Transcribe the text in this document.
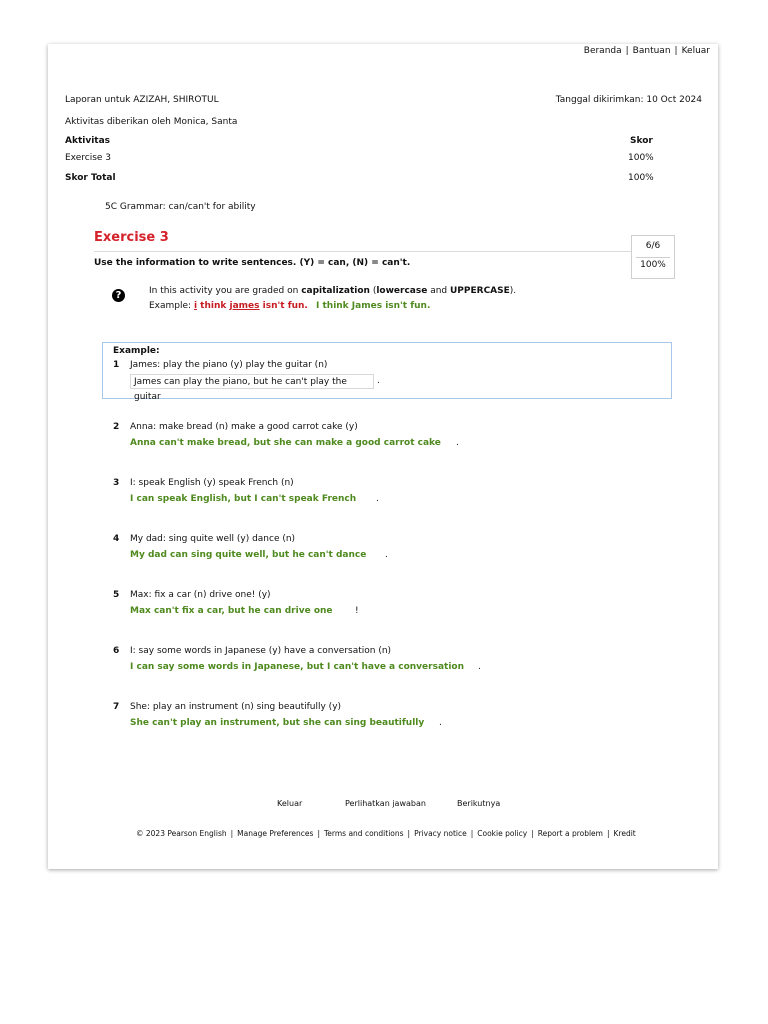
Beranda | Bantuan | Keluar
Laporan untuk AZIZAH, SHIROTUL	Tanggal dikirimkan: 10 Oct 2024
Aktivitas diberikan oleh Monica, Santa
Aktivitas	Skor
Exercise 3	100%
Skor Total	100%
5C Grammar: can/can't for ability
Exercise 3
6/6
100%
Use the information to write sentences. (Y) = can, (N) = can't.
?	In this activity you are graded on capitalization (lowercase and UPPERCASE).
Example: i think james isn't fun. I think James isn't fun.
Example:
1 James: play the piano (y) play the guitar (n)
James can play the piano, but he can't play the guitar
.
2 Anna: make bread (n) make a good carrot cake (y)
Anna can't make bread, but she can make a good carrot cake .
3 I: speak English (y) speak French (n)
I can speak English, but I can't speak French .
4 My dad: sing quite well (y) dance (n)
My dad can sing quite well, but he can't dance .
5 Max: fix a car (n) drive one! (y)
Max can't fix a car, but he can drive one !
6 I: say some words in Japanese (y) have a conversation (n)
I can say some words in Japanese, but I can't have a conversation .
7 She: play an instrument (n) sing beautifully (y)
She can't play an instrument, but she can sing beautifully .
Keluar	Perlihatkan jawaban	Berikutnya
© 2023 Pearson English | Manage Preferences | Terms and conditions | Privacy notice | Cookie policy | Report a problem | Kredit
